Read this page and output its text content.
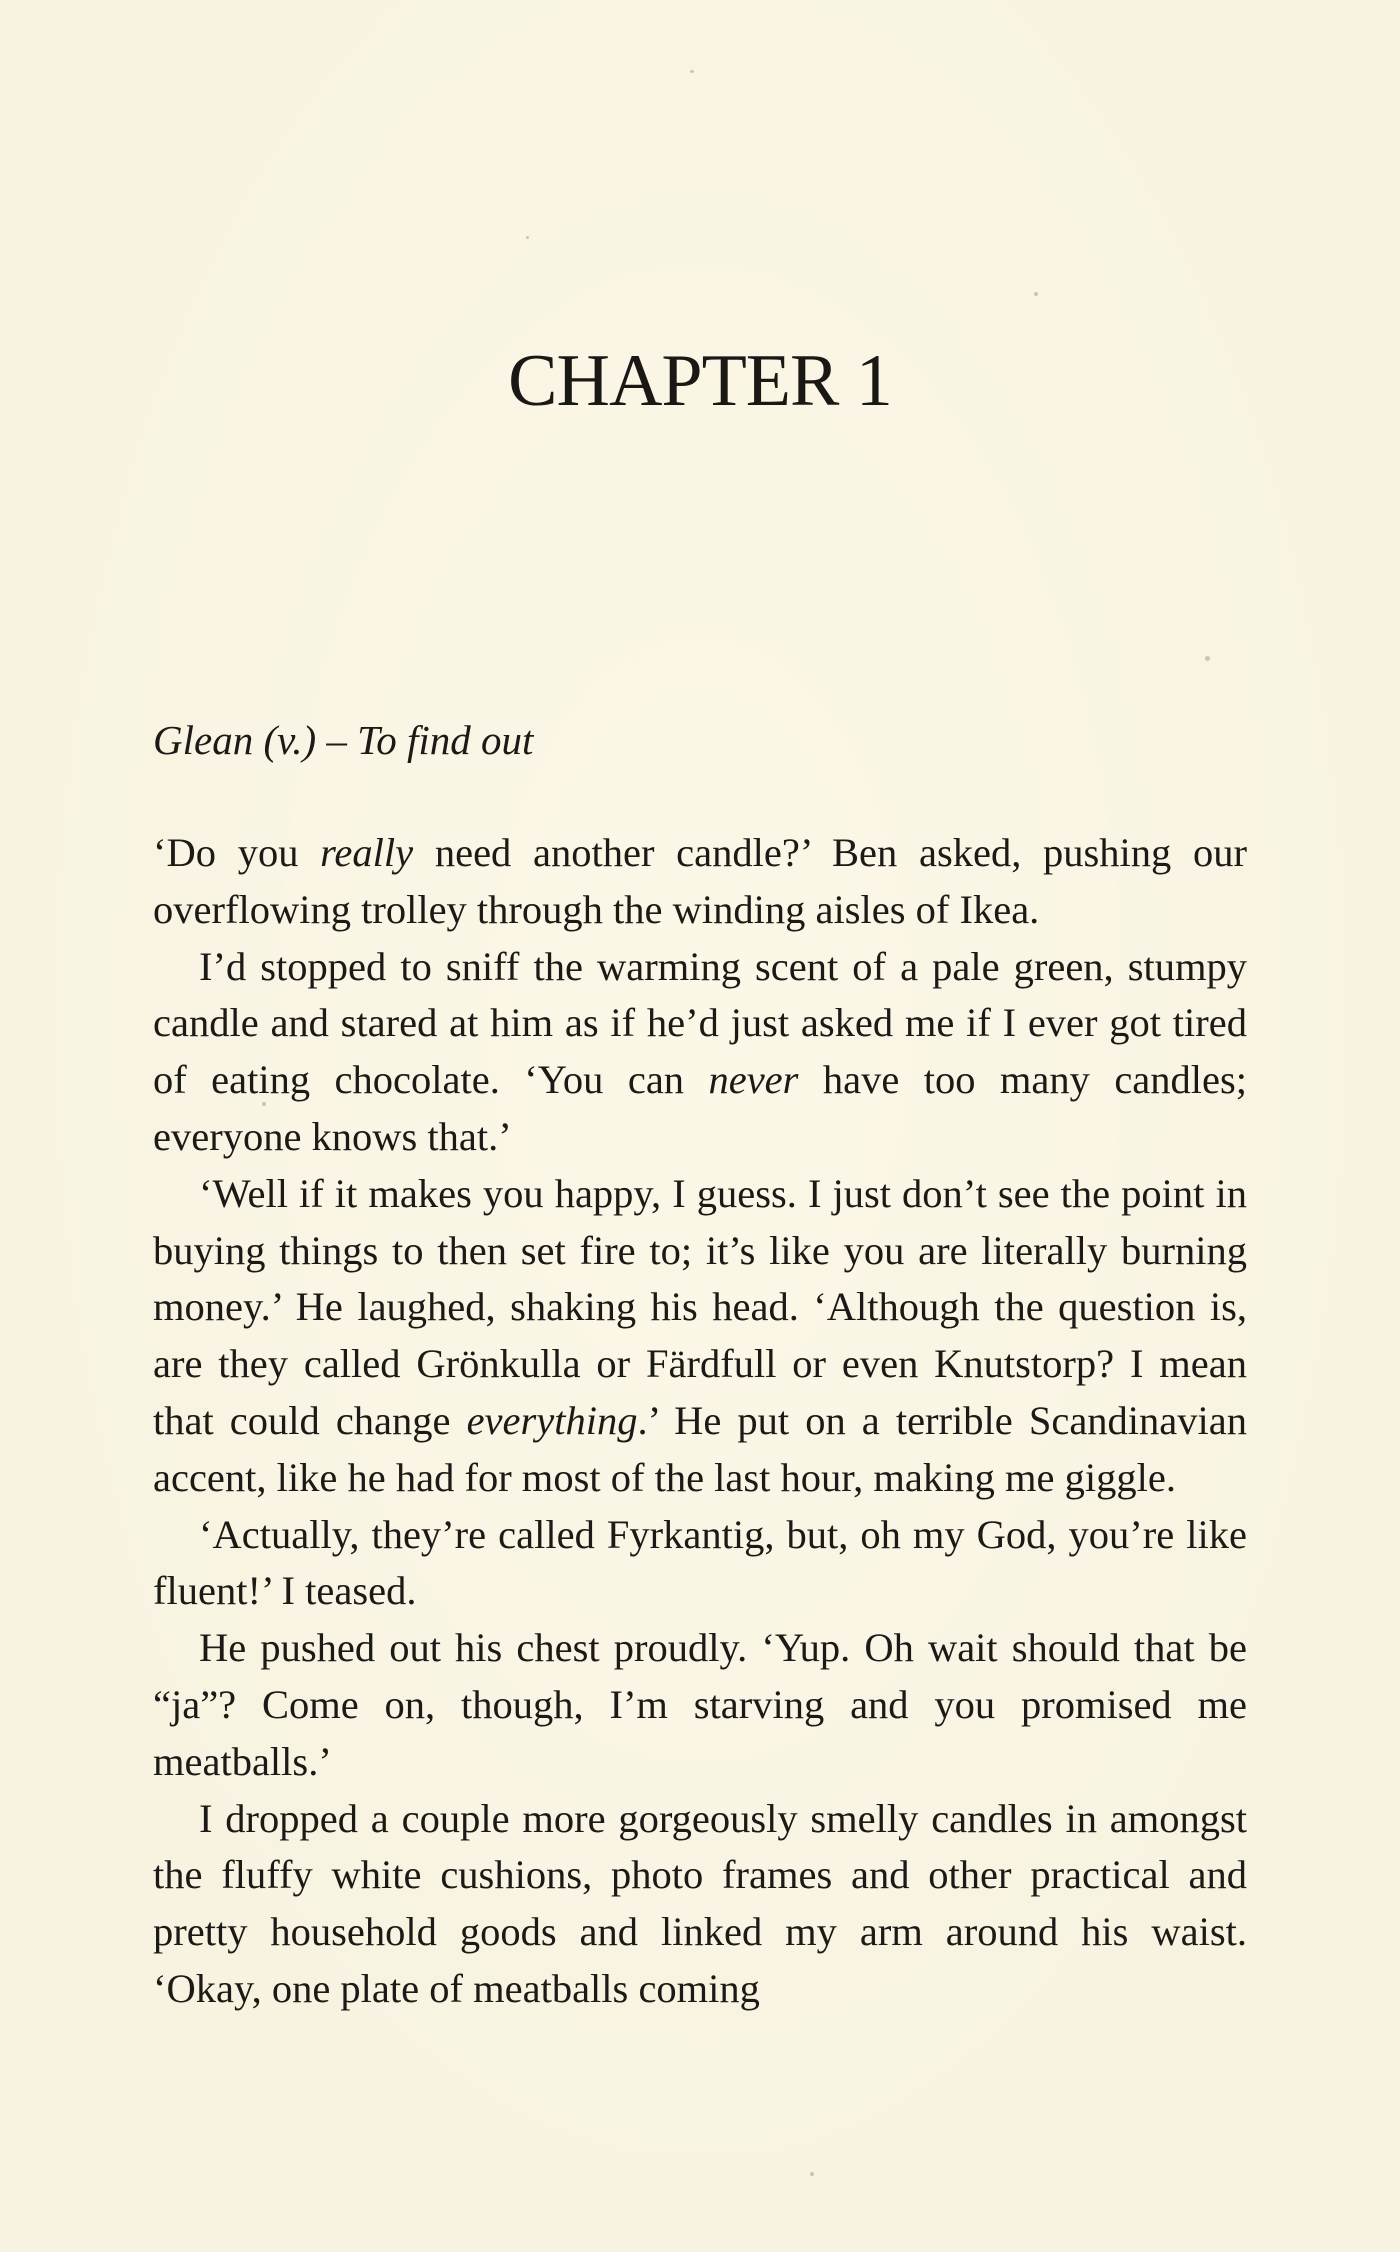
CHAPTER 1
Glean (v.) – To find out

‘Do you really need another candle?’ Ben asked, pushing our overflowing trolley through the winding aisles of Ikea.

I’d stopped to sniff the warming scent of a pale green, stumpy candle and stared at him as if he’d just asked me if I ever got tired of eating chocolate. ‘You can never have too many candles; everyone knows that.’

‘Well if it makes you happy, I guess. I just don’t see the point in buying things to then set fire to; it’s like you are literally burning money.’ He laughed, shaking his head. ‘Although the question is, are they called Grönkulla or Färdfull or even Knutstorp? I mean that could change everything.’ He put on a terrible Scandinavian accent, like he had for most of the last hour, making me giggle.

‘Actually, they’re called Fyrkantig, but, oh my God, you’re like fluent!’ I teased.

He pushed out his chest proudly. ‘Yup. Oh wait should that be “ja”? Come on, though, I’m starving and you promised me meatballs.’

I dropped a couple more gorgeously smelly candles in amongst the fluffy white cushions, photo frames and other practical and pretty household goods and linked my arm around his waist. ‘Okay, one plate of meatballs coming
